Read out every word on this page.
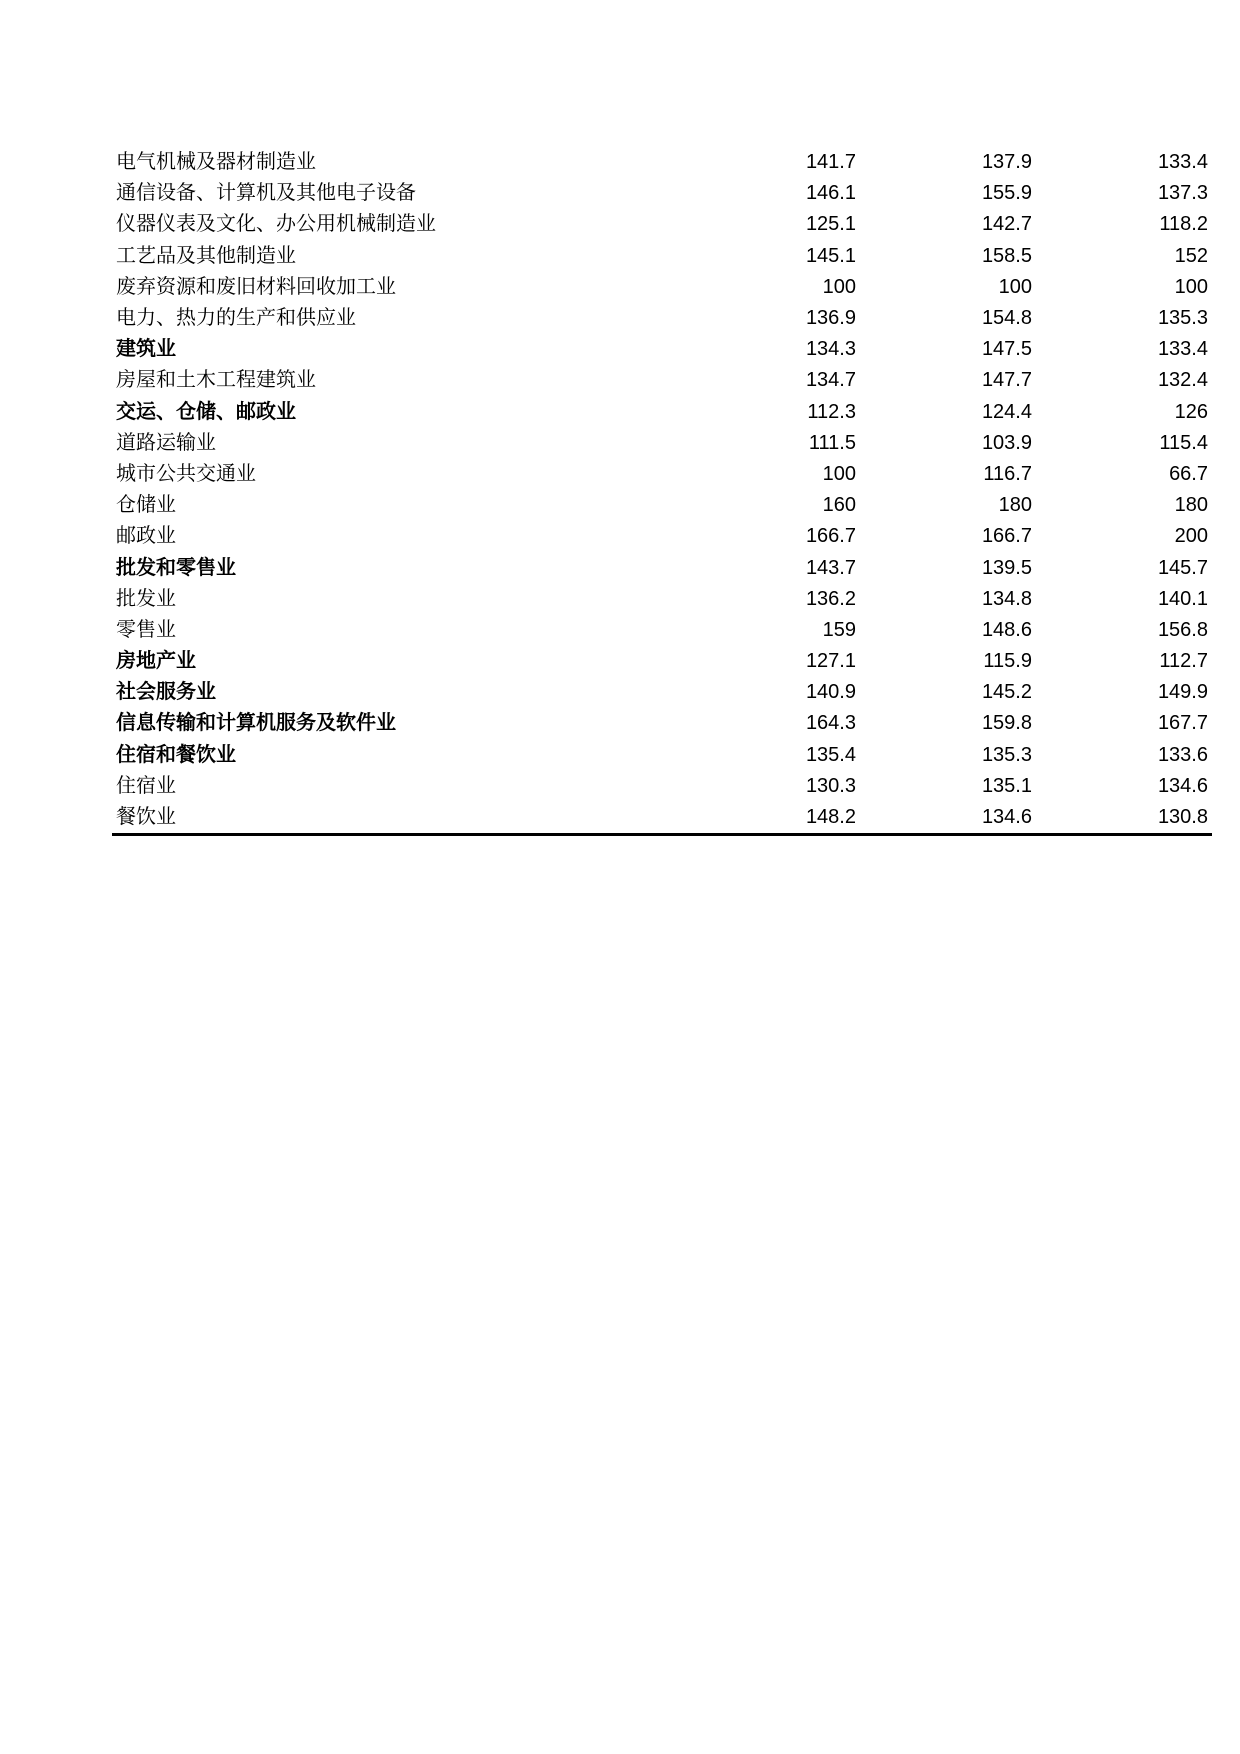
电气机械及器材制造业	141.7	137.9	133.4
通信设备、计算机及其他电子设备	146.1	155.9	137.3
仪器仪表及文化、办公用机械制造业	125.1	142.7	118.2
工艺品及其他制造业	145.1	158.5	152
废弃资源和废旧材料回收加工业	100	100	100
电力、热力的生产和供应业	136.9	154.8	135.3
建筑业	134.3	147.5	133.4
房屋和土木工程建筑业	134.7	147.7	132.4
交运、仓储、邮政业	112.3	124.4	126
道路运输业	111.5	103.9	115.4
城市公共交通业	100	116.7	66.7
仓储业	160	180	180
邮政业	166.7	166.7	200
批发和零售业	143.7	139.5	145.7
批发业	136.2	134.8	140.1
零售业	159	148.6	156.8
房地产业	127.1	115.9	112.7
社会服务业	140.9	145.2	149.9
信息传输和计算机服务及软件业	164.3	159.8	167.7
住宿和餐饮业	135.4	135.3	133.6
住宿业	130.3	135.1	134.6
餐饮业	148.2	134.6	130.8
